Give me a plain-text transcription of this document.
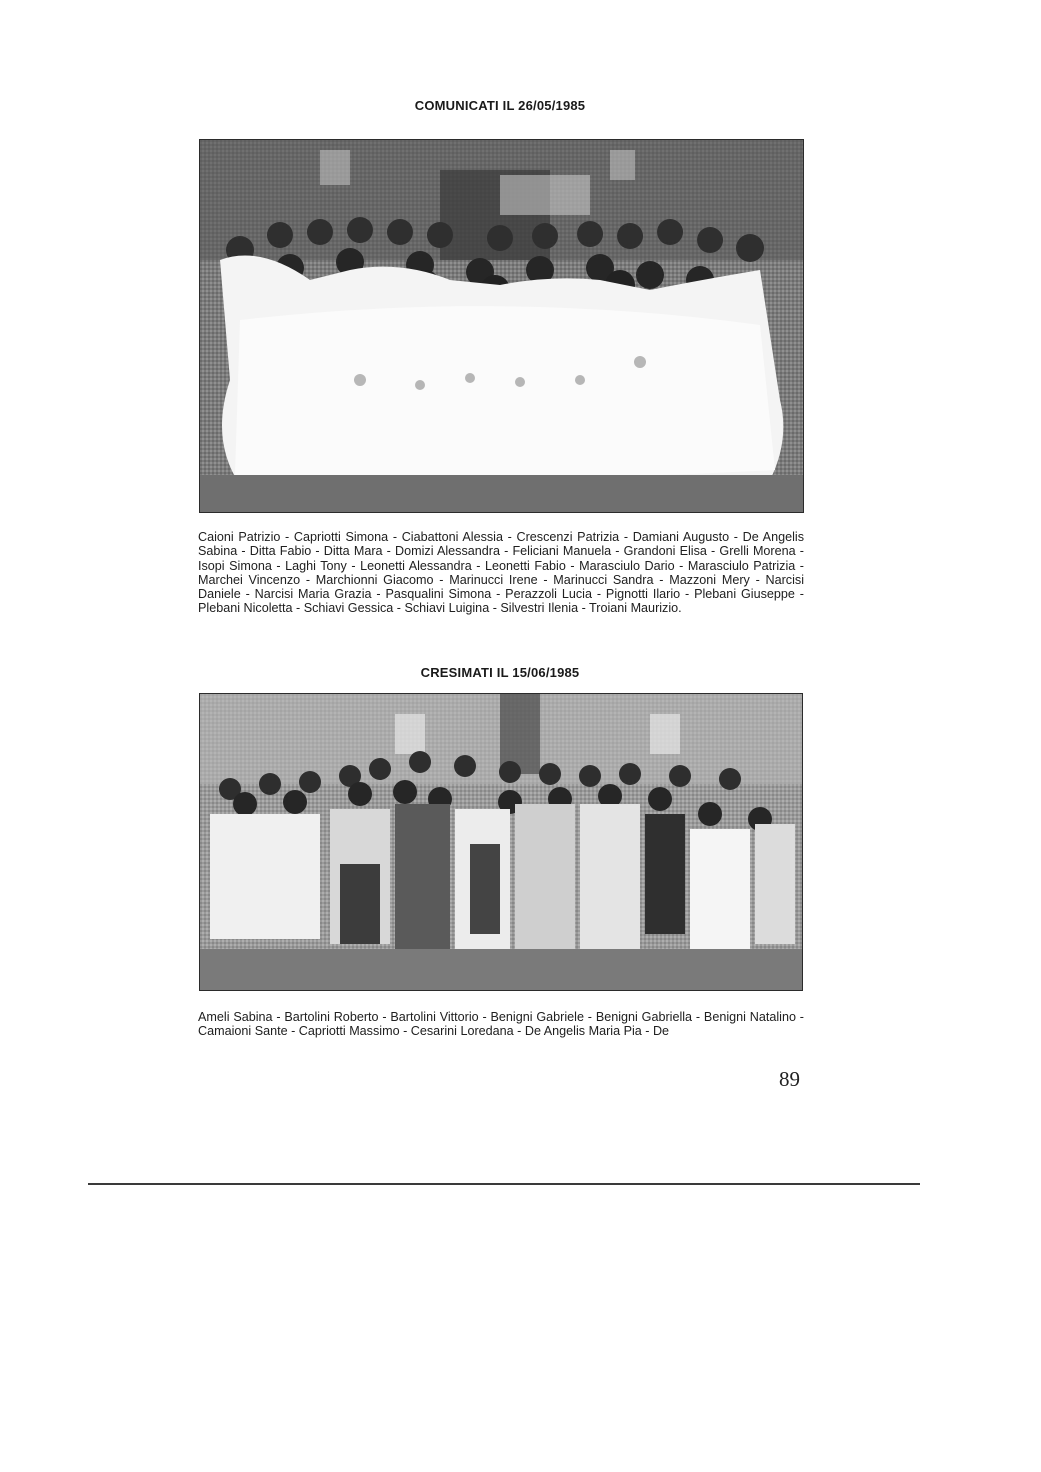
COMUNICATI IL 26/05/1985
Caioni Patrizio - Capriotti Simona - Ciabattoni Alessia - Crescenzi Patrizia - Damiani Augusto - De Angelis Sabina - Ditta Fabio - Ditta Mara - Domizi Alessandra - Feliciani Manuela - Grandoni Elisa - Grelli Morena - Isopi Simona - Laghi Tony - Leonetti Alessandra - Leonetti Fabio - Marasciulo Dario - Marasciulo Patrizia - Marchei Vincenzo - Marchionni Giacomo - Marinucci Irene - Marinucci Sandra - Mazzoni Mery - Narcisi Daniele - Narcisi Maria Grazia - Pasqualini Simona - Perazzoli Lucia - Pignotti Ilario - Plebani Giuseppe - Plebani Nicoletta - Schiavi Gessica - Schiavi Luigina - Silvestri Ilenia - Troiani Maurizio.
CRESIMATI IL 15/06/1985
Ameli Sabina - Bartolini Roberto - Bartolini Vittorio - Benigni Gabriele - Benigni Gabriella - Benigni Natalino - Camaioni Sante - Capriotti Massimo - Cesarini Loredana - De Angelis Maria Pia - De
89
